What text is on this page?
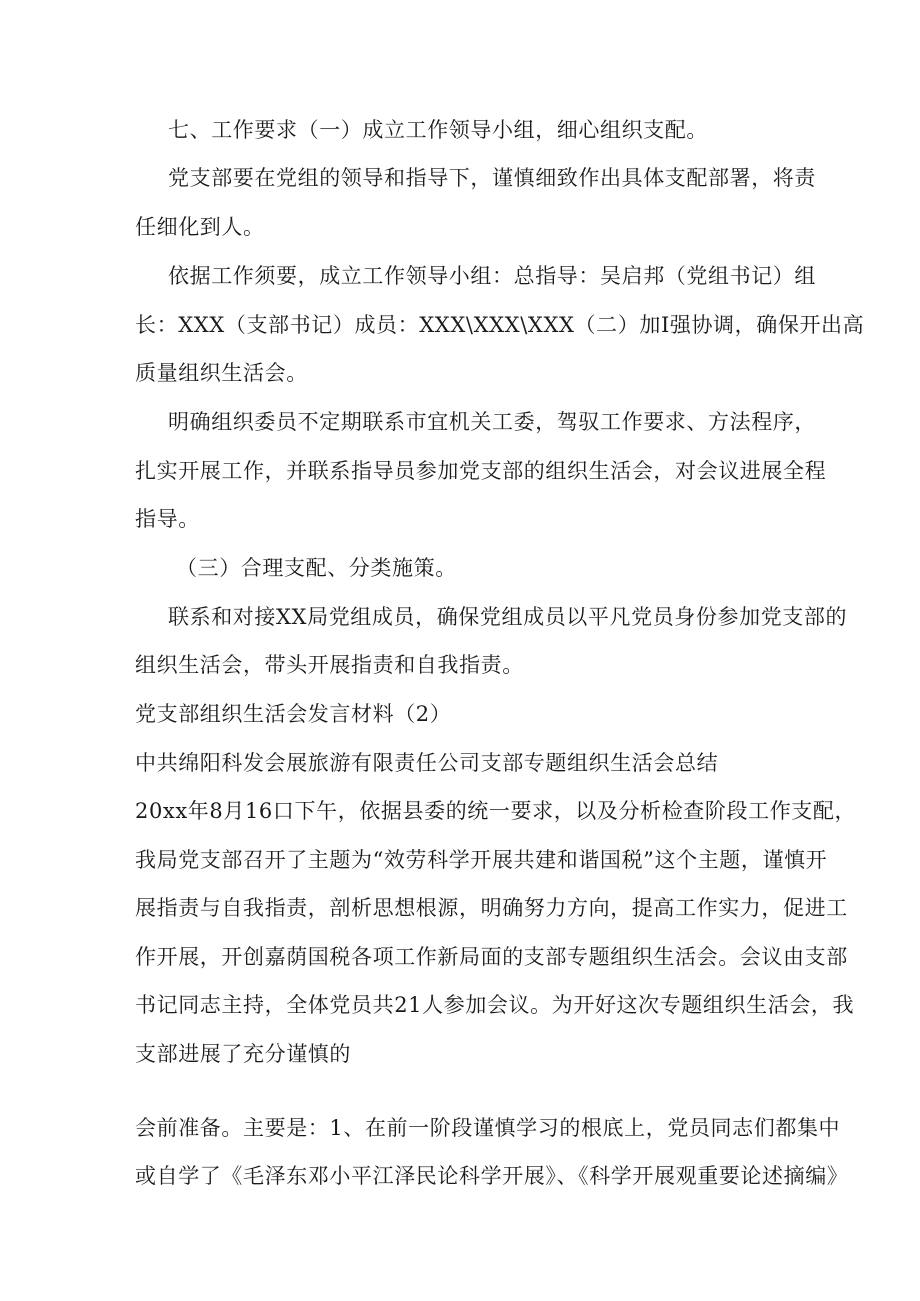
七、工作要求（一）成立工作领导小组，细心组织支配。
党支部要在党组的领导和指导下，谨慎细致作出具体支配部署，将责
任细化到人。
依据工作须要，成立工作领导小组：总指导：吴启邦（党组书记）组
长：XXX（支部书记）成员：XXX\XXX\XXX（二）加I强协调，确保开出高
质量组织生活会。
明确组织委员不定期联系市宜机关工委，驾驭工作要求、方法程序，
扎实开展工作，并联系指导员参加党支部的组织生活会，对会议进展全程
指导。
（三）合理支配、分类施策。
联系和对接XX局党组成员，确保党组成员以平凡党员身份参加党支部的
组织生活会，带头开展指责和自我指责。
党支部组织生活会发言材料（2）
中共绵阳科发会展旅游有限责任公司支部专题组织生活会总结
20xx年8月16口下午，依据县委的统一要求，以及分析检查阶段工作支配，
我局党支部召开了主题为“效劳科学开展共建和谐国税”这个主题，谨慎开
展指责与自我指责，剖析思想根源，明确努力方向，提高工作实力，促进工
作开展，开创嘉荫国税各项工作新局面的支部专题组织生活会。会议由支部
书记同志主持，全体党员共21人参加会议。为开好这次专题组织生活会，我
支部进展了充分谨慎的
会前准备。主要是：1、在前一阶段谨慎学习的根底上，党员同志们都集中
或自学了《毛泽东邓小平江泽民论科学开展》、《科学开展观重要论述摘编》
